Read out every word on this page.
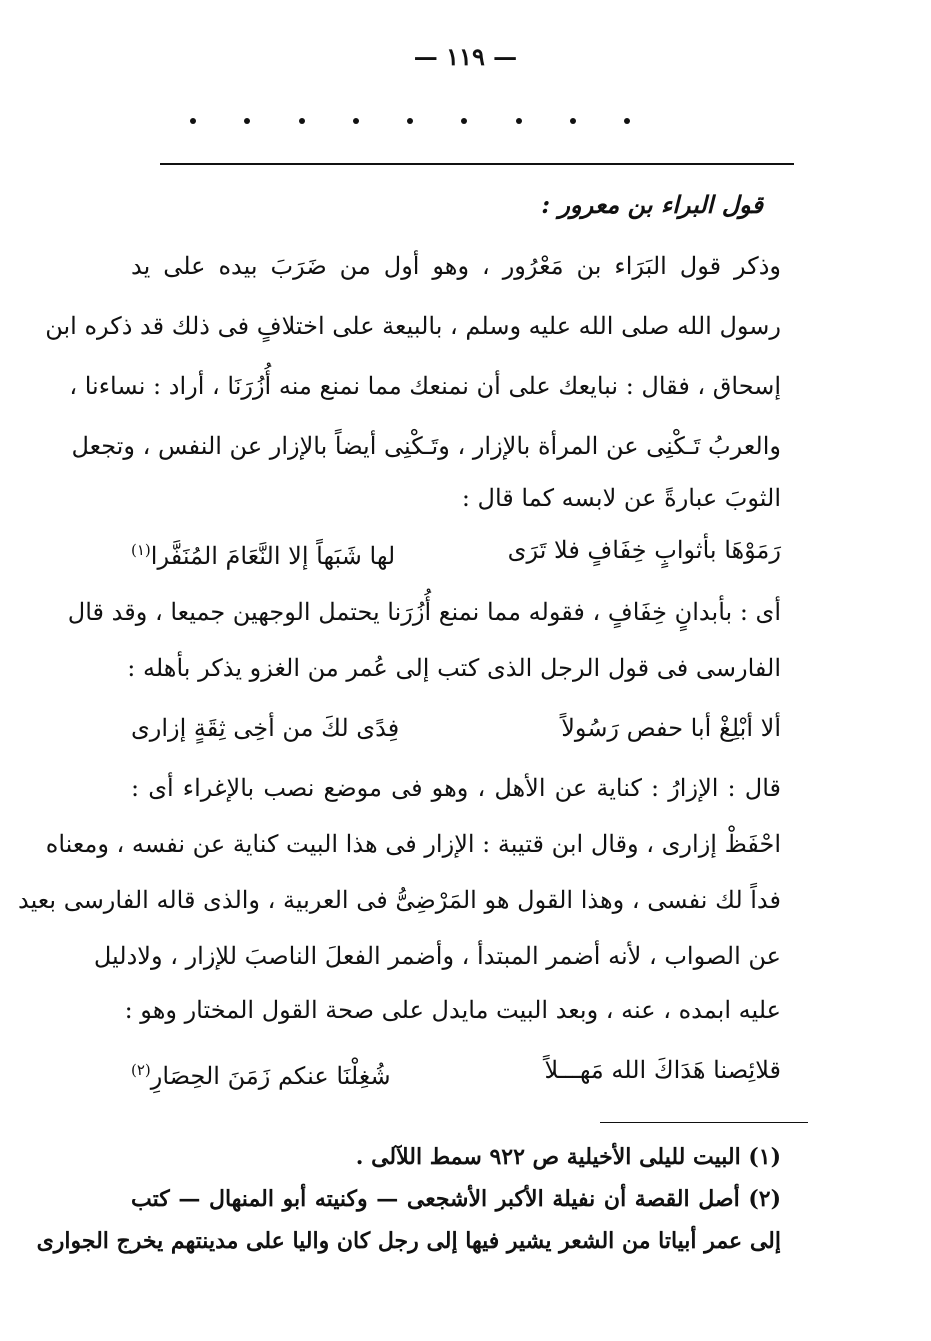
— ١١٩ —
قول البراء بن معرور :
وذكر قول البَرَاء بن مَعْرُور ، وهو أول من ضَرَبَ بيده على يد
رسول الله صلى الله عليه وسلم ، بالبيعة على اختلافٍ فى ذلك قد ذكره ابن
إسحاق ، فقال : نبايعك على أن نمنعك مما نمنع منه أُزُرَنَا ، أراد : نساءنا ،
والعربُ تَـكْنِى عن المرأة بالإزار ، وتَـكْنِى أيضاً بالإزار عن النفس ، وتجعل
الثوبَ عبارةً عن لابسه كما قال :
رَمَوْهَا بأثوابٍ خِفَافٍ فلا تَرَى
لها شَبَهاً إلا النَّعَامَ المُنَفَّرا$^{(١)}$
أى : بأبدانٍ خِفَافٍ ، فقوله مما نمنع أُزُرَنا يحتمل الوجهين جميعا ، وقد قال
الفارسى فى قول الرجل الذى كتب إلى عُمر من الغزو يذكر بأهله :
ألا أبْلِغْ أبا حفص رَسُولاً
فِدًى لكَ من أخِى ثِقَةٍ إزارى
قال : الإزارُ : كناية عن الأهل ، وهو فى موضع نصب بالإغراء أى :
احْفَظْ إزارى ، وقال ابن قتيبة : الإزار فى هذا البيت كناية عن نفسه ، ومعناه
فداً لك نفسى ، وهذا القول هو المَرْضِىُّ فى العربية ، والذى قاله الفارسى بعيد
عن الصواب ، لأنه أضمر المبتدأ ، وأضمر الفعلَ الناصبَ للإزار ، ولادليل
عليه ابمده ، عنه ، وبعد البيت مايدل على صحة القول المختار وهو :
قلائِصنا هَدَاكَ الله مَهـــلاً
شُغِلْنَا عنكم زَمَنَ الحِصَارِ$^{(٢)}$
(١) البيت لليلى الأخيلية ص ٩٢٢ سمط اللآلى .
(٢) أصل القصة أن نفيلة الأكبر الأشجعى — وكنيته أبو المنهال — كتب
إلى عمر أبياتا من الشعر يشير فيها إلى رجل كان واليا على مدينتهم يخرج الجوارى
